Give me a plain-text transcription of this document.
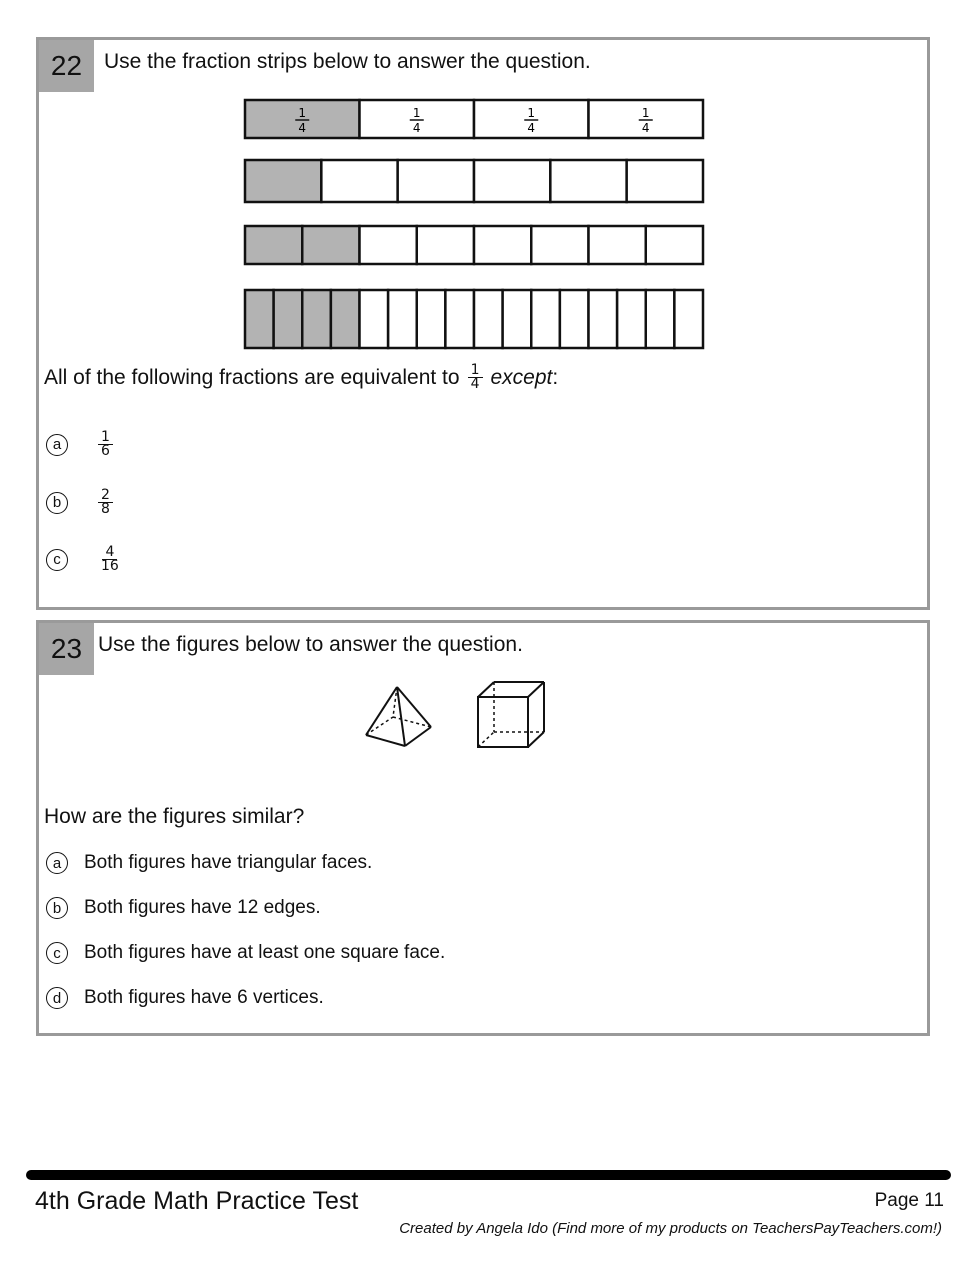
22	Use the fraction strips below to answer the question.
1
4
1
4
1
4
1
4
All of the following fractions are equivalent to $\frac{1}{4}$ except :
a	$\frac{1}{6}$
b	$\frac{2}{8}$
c	$\frac{4}{16}$
23 Use the figures below to answer the question.
How are the figures similar?
a	Both figures have triangular faces.
b	Both figures have 12 edges.
c	Both figures have at least one square face.
d	Both figures have 6 vertices.
4th Grade Math Practice Test	Page 11
Created by Angela Ido (Find more of my products on TeachersPayTeachers.com!)
